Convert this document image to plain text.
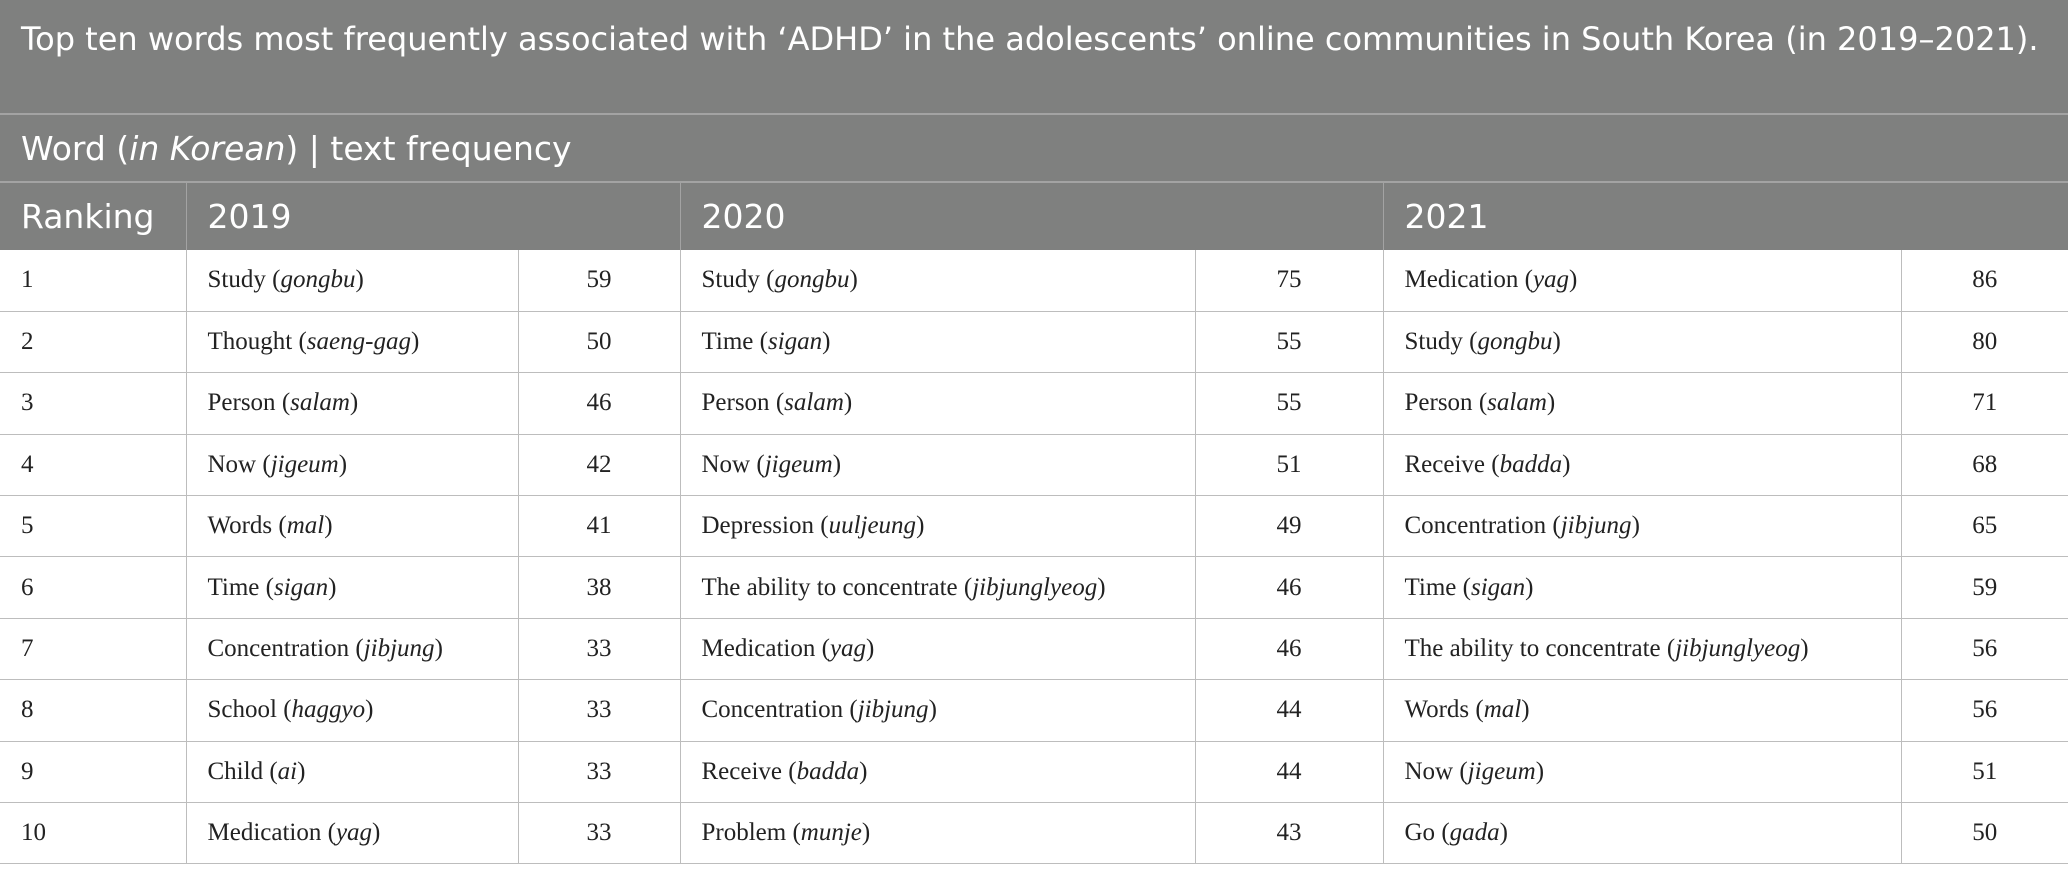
Top ten words most frequently associated with ‘ADHD’ in the adolescents’ online communities in South Korea (in 2019–2021).						
Word (in Korean) | text frequency						
Ranking	2019		2020		2021	
1	Study (gongbu)	59	Study (gongbu)	75	Medication (yag)	86
2	Thought (saeng-gag)	50	Time (sigan)	55	Study (gongbu)	80
3	Person (salam)	46	Person (salam)	55	Person (salam)	71
4	Now (jigeum)	42	Now (jigeum)	51	Receive (badda)	68
5	Words (mal)	41	Depression (uuljeung)	49	Concentration (jibjung)	65
6	Time (sigan)	38	The ability to concentrate (jibjunglyeog)	46	Time (sigan)	59
7	Concentration (jibjung)	33	Medication (yag)	46	The ability to concentrate (jibjunglyeog)	56
8	School (haggyo)	33	Concentration (jibjung)	44	Words (mal)	56
9	Child (ai)	33	Receive (badda)	44	Now (jigeum)	51
10	Medication (yag)	33	Problem (munje)	43	Go (gada)	50
